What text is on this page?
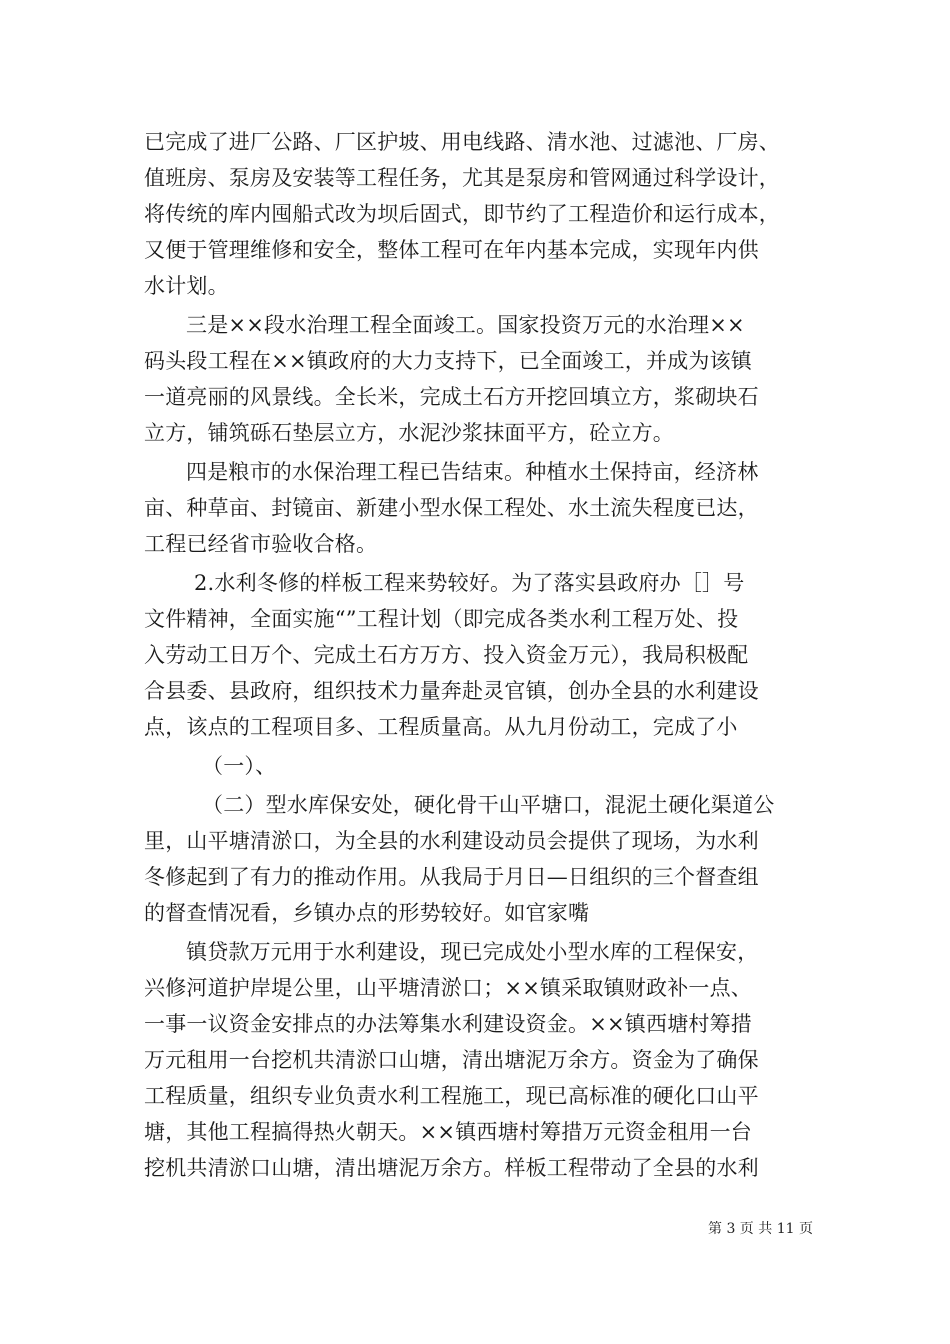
已完成了进厂公路、厂区护坡、用电线路、清水池、过滤池、厂房、
值班房、泵房及安装等工程任务，尤其是泵房和管网通过科学设计，
将传统的库内囤船式改为坝后固式，即节约了工程造价和运行成本，
又便于管理维修和安全，整体工程可在年内基本完成，实现年内供
水计划。
三是××段水治理工程全面竣工。国家投资万元的水治理××
码头段工程在××镇政府的大力支持下，已全面竣工，并成为该镇
一道亮丽的风景线。全长米，完成土石方开挖回填立方，浆砌块石
立方，铺筑砾石垫层立方，水泥沙浆抹面平方，砼立方。
四是粮市的水保治理工程已告结束。种植水土保持亩，经济林
亩、种草亩、封镜亩、新建小型水保工程处、水土流失程度已达，
工程已经省市验收合格。
2.水利冬修的样板工程来势较好。为了落实县政府办［］号
文件精神，全面实施“”工程计划（即完成各类水利工程万处、投
入劳动工日万个、完成土石方万方、投入资金万元），我局积极配
合县委、县政府，组织技术力量奔赴灵官镇，创办全县的水利建设
点，该点的工程项目多、工程质量高。从九月份动工，完成了小
（一）、
（二）型水库保安处，硬化骨干山平塘口，混泥土硬化渠道公
里，山平塘清淤口，为全县的水利建设动员会提供了现场，为水利
冬修起到了有力的推动作用。从我局于月日—日组织的三个督查组
的督查情况看，乡镇办点的形势较好。如官家嘴
镇贷款万元用于水利建设，现已完成处小型水库的工程保安，
兴修河道护岸堤公里，山平塘清淤口；××镇采取镇财政补一点、
一事一议资金安排点的办法筹集水利建设资金。××镇西塘村筹措
万元租用一台挖机共清淤口山塘，清出塘泥万余方。资金为了确保
工程质量，组织专业负责水利工程施工，现已高标准的硬化口山平
塘，其他工程搞得热火朝天。××镇西塘村筹措万元资金租用一台
挖机共清淤口山塘，清出塘泥万余方。样板工程带动了全县的水利
第 3 页 共 11 页
